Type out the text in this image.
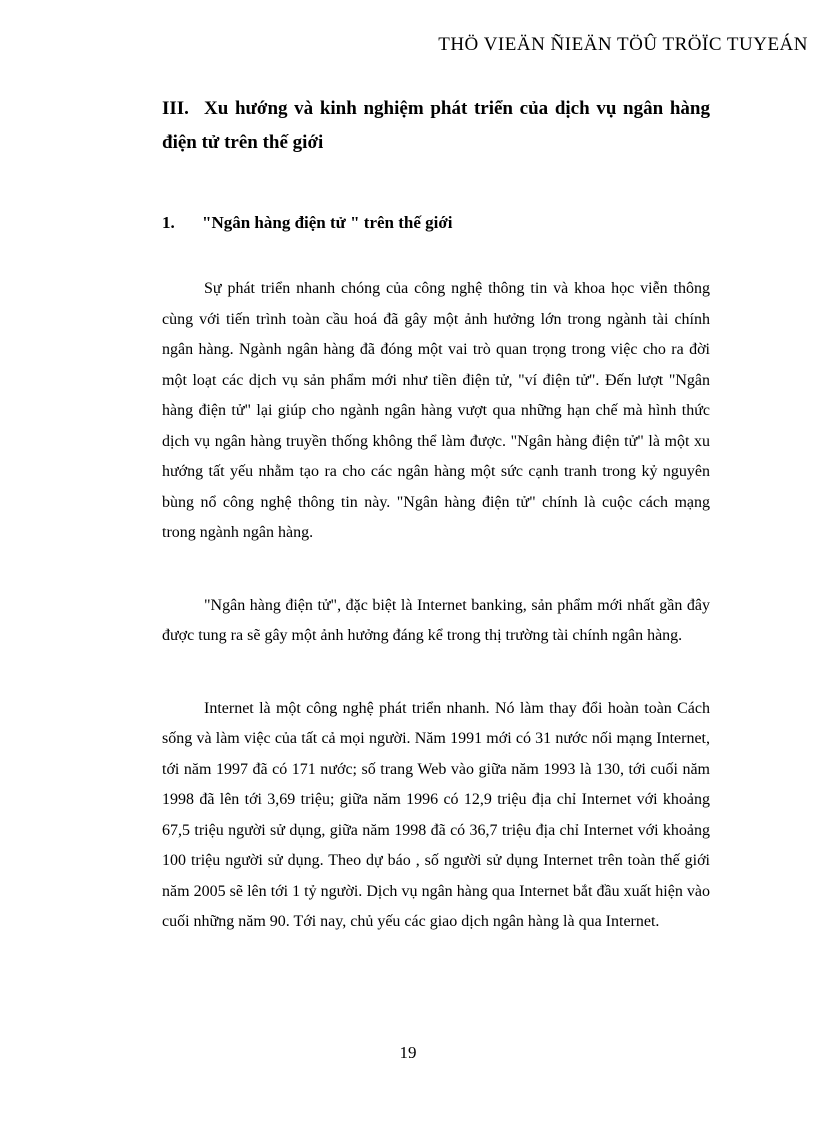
THÖ VIEÄN ÑIEÄN TÖÛ TRÖÏC TUYEÁN
III. Xu hướng và kinh nghiệm phát triển của dịch vụ ngân hàng điện tử trên thế giới
1. "Ngân hàng điện tử " trên thế giới

Sự phát triển nhanh chóng của công nghệ thông tin và khoa học viễn thông cùng với tiến trình toàn cầu hoá đã gây một ảnh hưởng lớn trong ngành tài chính ngân hàng. Ngành ngân hàng đã đóng một vai trò quan trọng trong việc cho ra đời một loạt các dịch vụ sản phẩm mới như tiền điện tử, "ví điện tử". Đến lượt "Ngân hàng điện tử" lại giúp cho ngành ngân hàng vượt qua những hạn chế mà hình thức dịch vụ ngân hàng truyền thống không thể làm được. "Ngân hàng điện tử" là một xu hướng tất yếu nhằm tạo ra cho các ngân hàng một sức cạnh tranh trong kỷ nguyên bùng nổ công nghệ thông tin này. "Ngân hàng điện tử" chính là cuộc cách mạng trong ngành ngân hàng.

"Ngân hàng điện tử", đặc biệt là Internet banking, sản phẩm mới nhất gần đây được tung ra sẽ gây một ảnh hưởng đáng kể trong thị trường tài chính ngân hàng.

Internet là một công nghệ phát triển nhanh. Nó làm thay đổi hoàn toàn Cách sống và làm việc của tất cả mọi người. Năm 1991 mới có 31 nước nối mạng Internet, tới năm 1997 đã có 171 nước; số trang Web vào giữa năm 1993 là 130, tới cuối năm 1998 đã lên tới 3,69 triệu; giữa năm 1996 có 12,9 triệu địa chỉ Internet với khoảng 67,5 triệu người sử dụng, giữa năm 1998 đã có 36,7 triệu địa chỉ Internet với khoảng 100 triệu người sử dụng. Theo dự báo , số người sử dụng Internet trên toàn thế giới năm 2005 sẽ lên tới 1 tỷ người. Dịch vụ ngân hàng qua Internet bắt đầu xuất hiện vào cuối những năm 90. Tới nay, chủ yếu các giao dịch ngân hàng là qua Internet.

19
